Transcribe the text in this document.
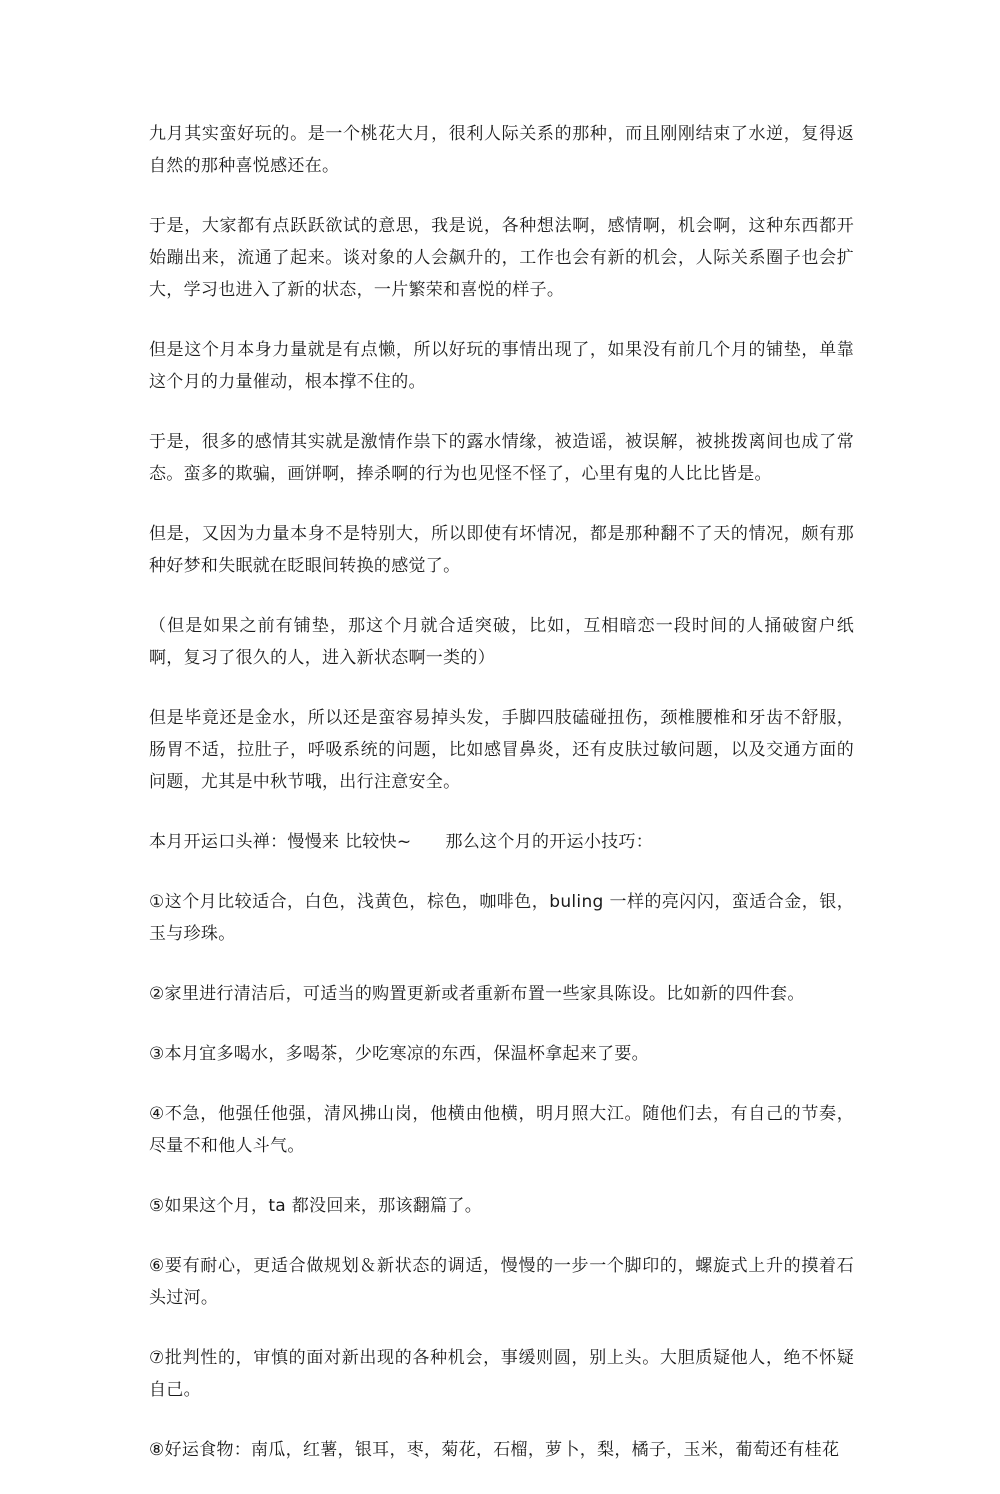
九月其实蛮好玩的。是一个桃花大月，很利人际关系的那种，而且刚刚结束了水逆，复得返自然的那种喜悦感还在。

于是，大家都有点跃跃欲试的意思，我是说，各种想法啊，感情啊，机会啊，这种东西都开始蹦出来，流通了起来。谈对象的人会飙升的，工作也会有新的机会，人际关系圈子也会扩大，学习也进入了新的状态，一片繁荣和喜悦的样子。

但是这个月本身力量就是有点懒，所以好玩的事情出现了，如果没有前几个月的铺垫，单靠这个月的力量催动，根本撑不住的。

于是，很多的感情其实就是激情作祟下的露水情缘，被造谣，被误解，被挑拨离间也成了常态。蛮多的欺骗，画饼啊，捧杀啊的行为也见怪不怪了，心里有鬼的人比比皆是。

但是，又因为力量本身不是特别大，所以即使有坏情况，都是那种翻不了天的情况，颇有那种好梦和失眠就在眨眼间转换的感觉了。

（但是如果之前有铺垫，那这个月就合适突破，比如，互相暗恋一段时间的人捅破窗户纸啊，复习了很久的人，进入新状态啊一类的）

但是毕竟还是金水，所以还是蛮容易掉头发，手脚四肢磕碰扭伤，颈椎腰椎和牙齿不舒服，肠胃不适，拉肚子，呼吸系统的问题，比如感冒鼻炎，还有皮肤过敏问题，以及交通方面的问题，尤其是中秋节哦，出行注意安全。

本月开运口头禅：慢慢来 比较快~ 那么这个月的开运小技巧：

①这个月比较适合，白色，浅黄色，棕色，咖啡色，buling 一样的亮闪闪，蛮适合金，银，玉与珍珠。

②家里进行清洁后，可适当的购置更新或者重新布置一些家具陈设。比如新的四件套。

③本月宜多喝水，多喝茶，少吃寒凉的东西，保温杯拿起来了要。

④不急，他强任他强，清风拂山岗，他横由他横，明月照大江。随他们去，有自己的节奏，尽量不和他人斗气。

⑤如果这个月，ta 都没回来，那该翻篇了。

⑥要有耐心，更适合做规划＆新状态的调适，慢慢的一步一个脚印的，螺旋式上升的摸着石头过河。

⑦批判性的，审慎的面对新出现的各种机会，事缓则圆，别上头。大胆质疑他人，绝不怀疑自己。

⑧好运食物：南瓜，红薯，银耳，枣，菊花，石榴，萝卜，梨，橘子，玉米，葡萄还有桂花
